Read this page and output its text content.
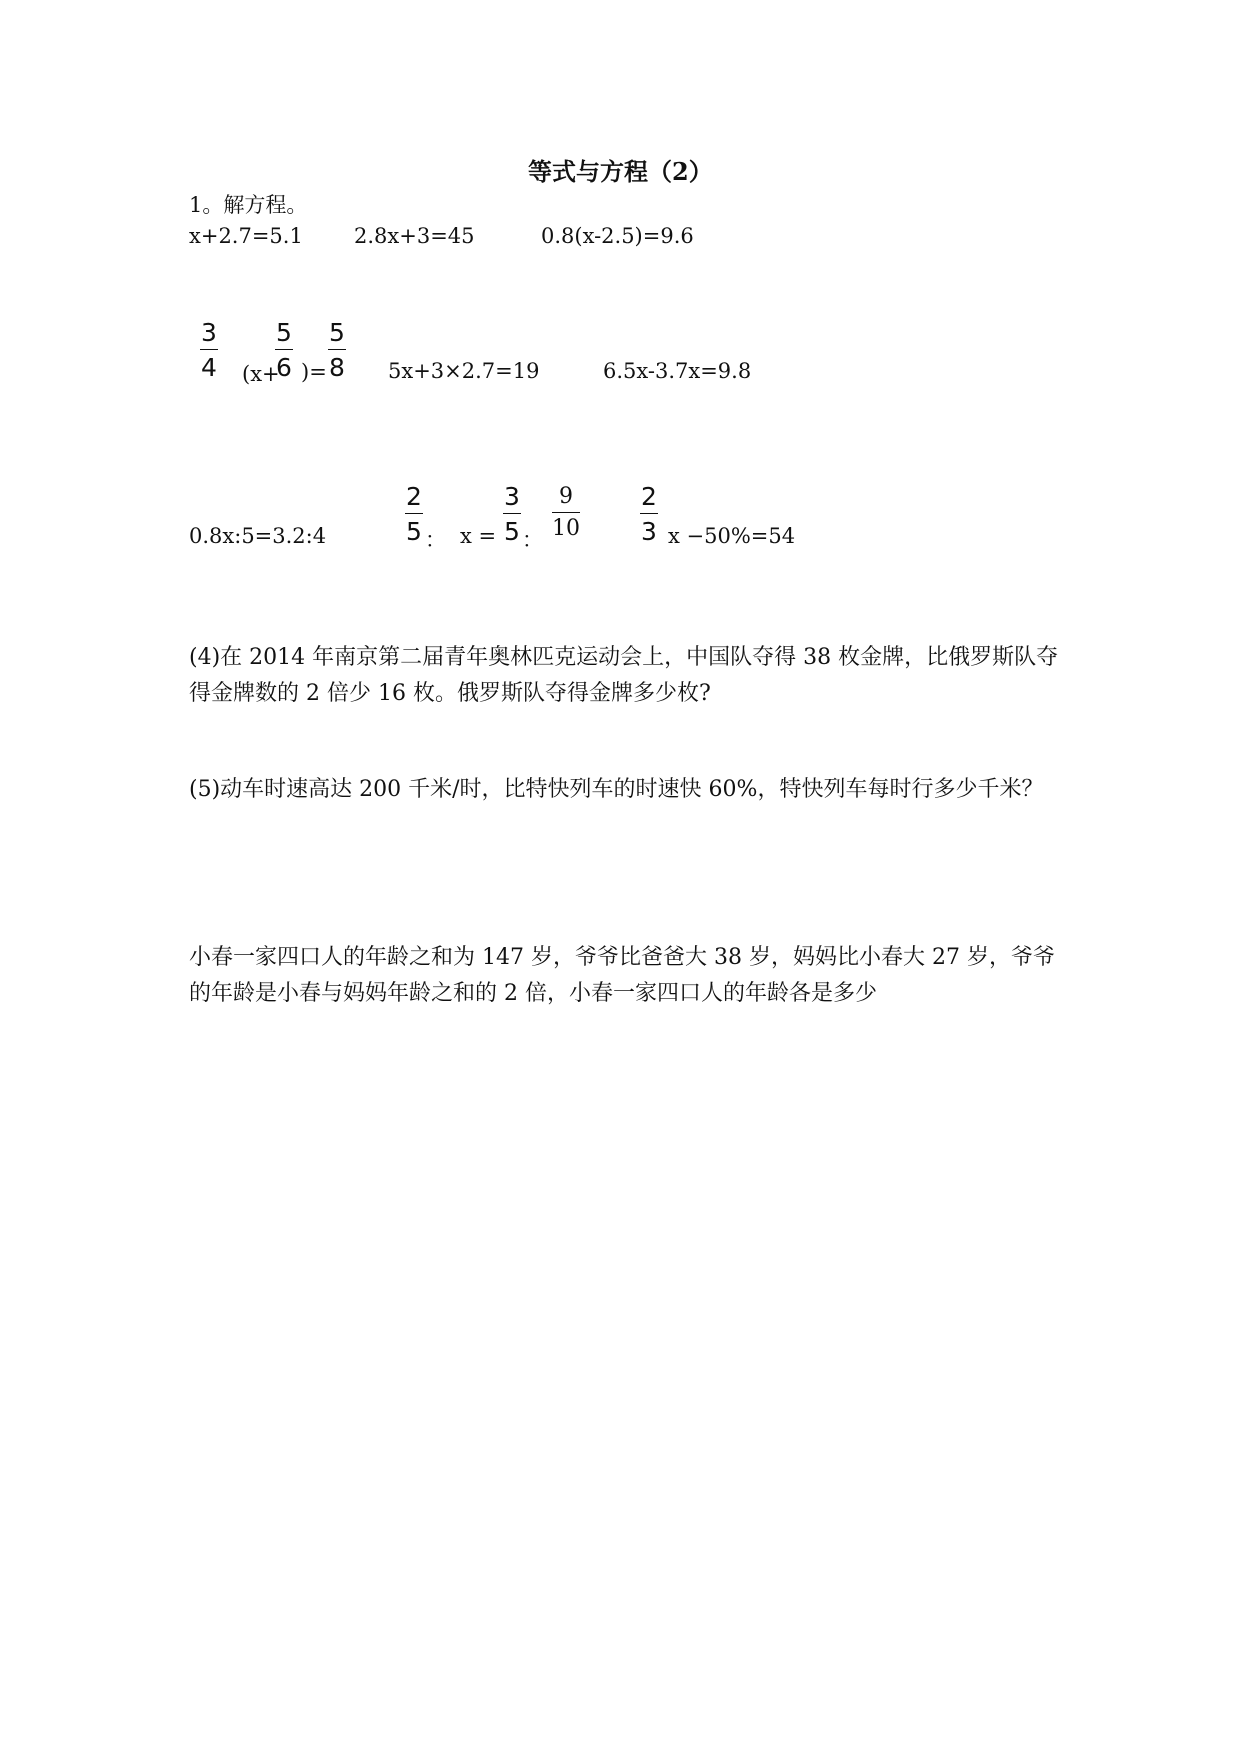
等式与方程（2）
1。解方程。
x+2.7=5.1 2.8x+3=45	0.8(x-2.5)=9.6
3
4 (x+
5
6 )=
5
8 5x+3×2.7=19	6.5x-3.7x=9.8
0.8x:5=3.2:4
2
5 ： x =
3
5 ：
9
10
2
3 x −50%=54
(4)在 2014 年南京第二届青年奥林匹克运动会上，中国队夺得 38 枚金牌，比俄罗斯队夺得金牌数的 2 倍少 16 枚。俄罗斯队夺得金牌多少枚?
(5)动车时速高达 200 千米/时，比特快列车的时速快 60%，特快列车每时行多少千米？
小春一家四口人的年龄之和为 147 岁，爷爷比爸爸大 38 岁，妈妈比小春大 27 岁，爷爷的年龄是小春与妈妈年龄之和的 2 倍，小春一家四口人的年龄各是多少
